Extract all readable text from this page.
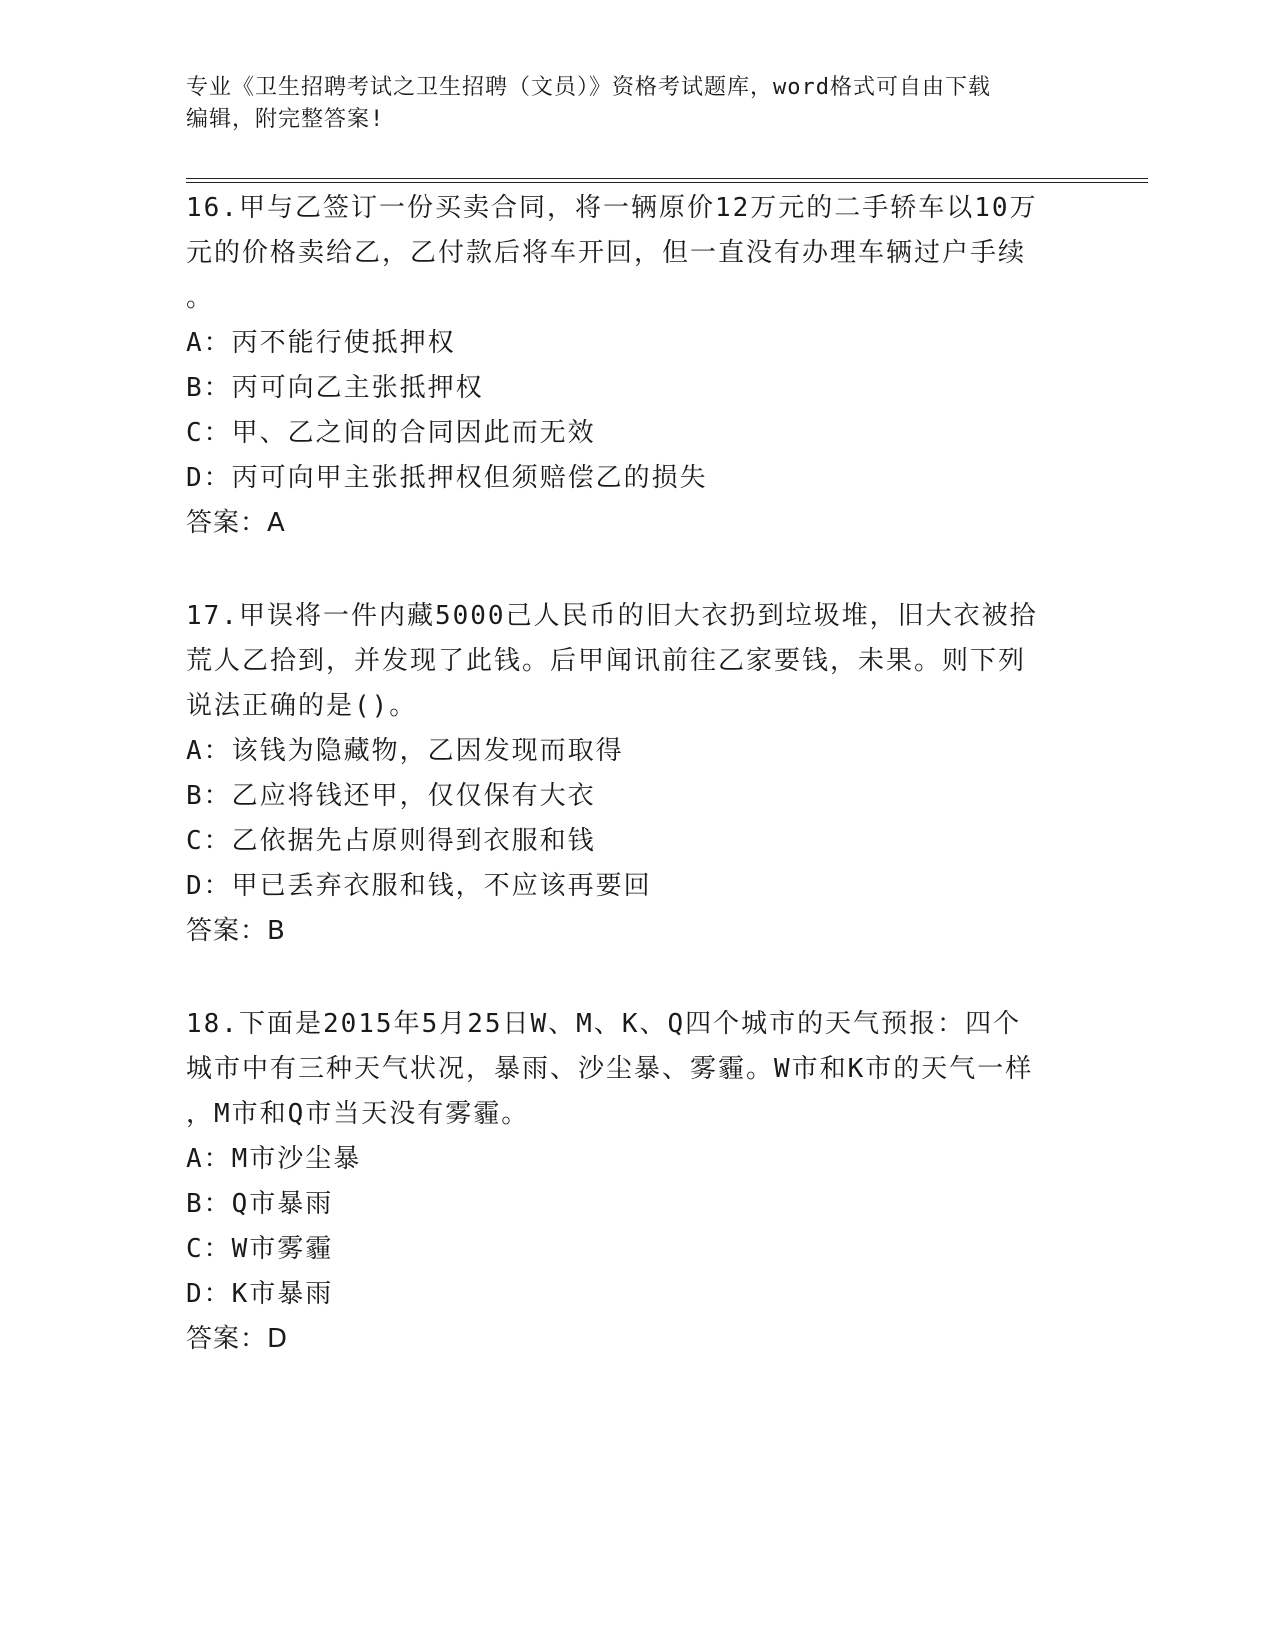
专业《卫生招聘考试之卫生招聘（文员）》资格考试题库，word格式可自由下载
编辑，附完整答案!
16.甲与乙签订一份买卖合同，将一辆原价12万元的二手轿车以10万
元的价格卖给乙，乙付款后将车开回，但一直没有办理车辆过户手续
。
A：丙不能行使抵押权
B：丙可向乙主张抵押权
C：甲、乙之间的合同因此而无效
D：丙可向甲主张抵押权但须赔偿乙的损失
答案：A
17.甲误将一件内藏5000己人民币的旧大衣扔到垃圾堆，旧大衣被拾
荒人乙拾到，并发现了此钱。后甲闻讯前往乙家要钱，未果。则下列
说法正确的是()。
A：该钱为隐藏物，乙因发现而取得
B：乙应将钱还甲，仅仅保有大衣
C：乙依据先占原则得到衣服和钱
D：甲已丢弃衣服和钱，不应该再要回
答案：B
18.下面是2015年5月25日W、M、K、Q四个城市的天气预报：四个
城市中有三种天气状况，暴雨、沙尘暴、雾霾。W市和K市的天气一样
，M市和Q市当天没有雾霾。
A：M市沙尘暴
B：Q市暴雨
C：W市雾霾
D：K市暴雨
答案：D
